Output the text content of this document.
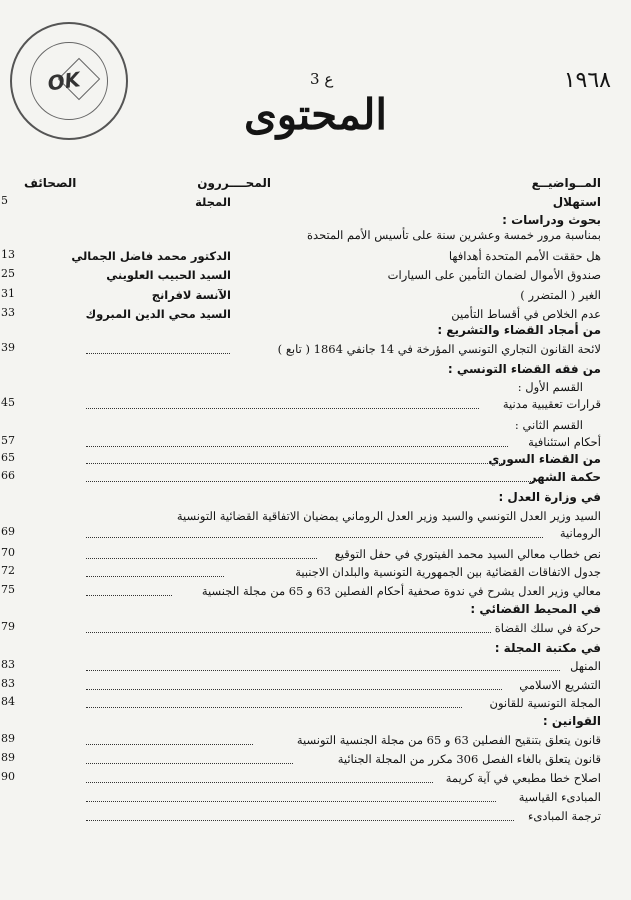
OK	١٩٦٨
ع 3
المحتوى
المــواضيــع
المحــــررون
الصحائف
استهلال
المجلة
5
بحوث ودراسات :
بمناسبة مرور خمسة وعشرين سنة على تأسيس الأمم المتحدة
هل حققت الأمم المتحدة أهدافها
الدكتور محمد فاضل الجمالي
13
صندوق الأموال لضمان التأمين على السيارات
السيد الحبيب العلويني
25
الغير ( المتضرر )
الآنسة لافرانج
31
عدم الخلاص في أقساط التأمين
السيد محي الدين المبروك
33
من أمجاد القضاء والتشريع :
لائحة القانون التجاري التونسي المؤرخة في 14 جانفي 1864 ( تابع )
39
من فقه القضاء التونسي :
القسم الأول :
قرارات تعقيبية مدنية
45
القسم الثاني :
أحكام استئنافية
57
من القضاء السوري
65
حكمة الشهر
66
في وزارة العدل :
السيد وزير العدل التونسي والسيد وزير العدل الروماني يمضيان الاتفاقية القضائية التونسية
الرومانية
69
نص خطاب معالي السيد محمد الفيتوري في حفل التوقيع
70
جدول الاتفاقات القضائية بين الجمهورية التونسية والبلدان الاجنبية
72
معالي وزير العدل يشرح في ندوة صحفية أحكام الفصلين 63 و 65 من مجلة الجنسية
75
في المحيط القضائي :
حركة في سلك القضاة
79
في مكتبة المجلة :
المنهل
83
التشريع الاسلامي
83
المجلة التونسية للقانون
84
القوانين :
قانون يتعلق بتنقيح الفصلين 63 و 65 من مجلة الجنسية التونسية
89
قانون يتعلق بالغاء الفصل 306 مكرر من المجلة الجنائية
89
اصلاح خطا مطبعي في آية كريمة
90
المبادىء القياسية
ترجمة المبادىء
